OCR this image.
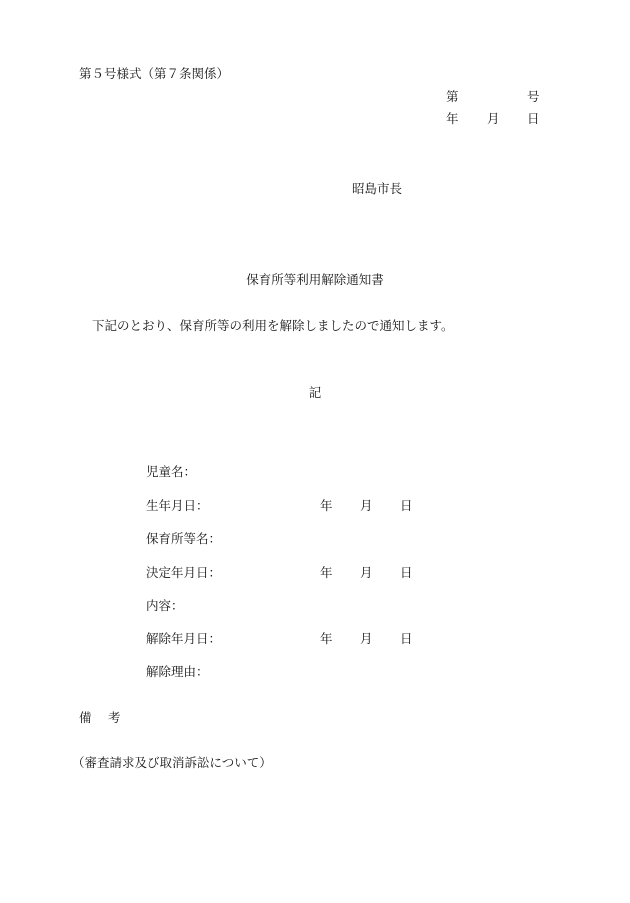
第５号様式（第７条関係）
第	号
年 月 日
昭島市長
保育所等利用解除通知書
下記のとおり、保育所等の利用を解除しましたので通知します。
記
児童名：
生年月日：	年 月 日
保育所等名：
決定年月日：	年 月 日
内容：
解除年月日：	年 月 日
解除理由：
備 考
（審査請求及び取消訴訟について）
